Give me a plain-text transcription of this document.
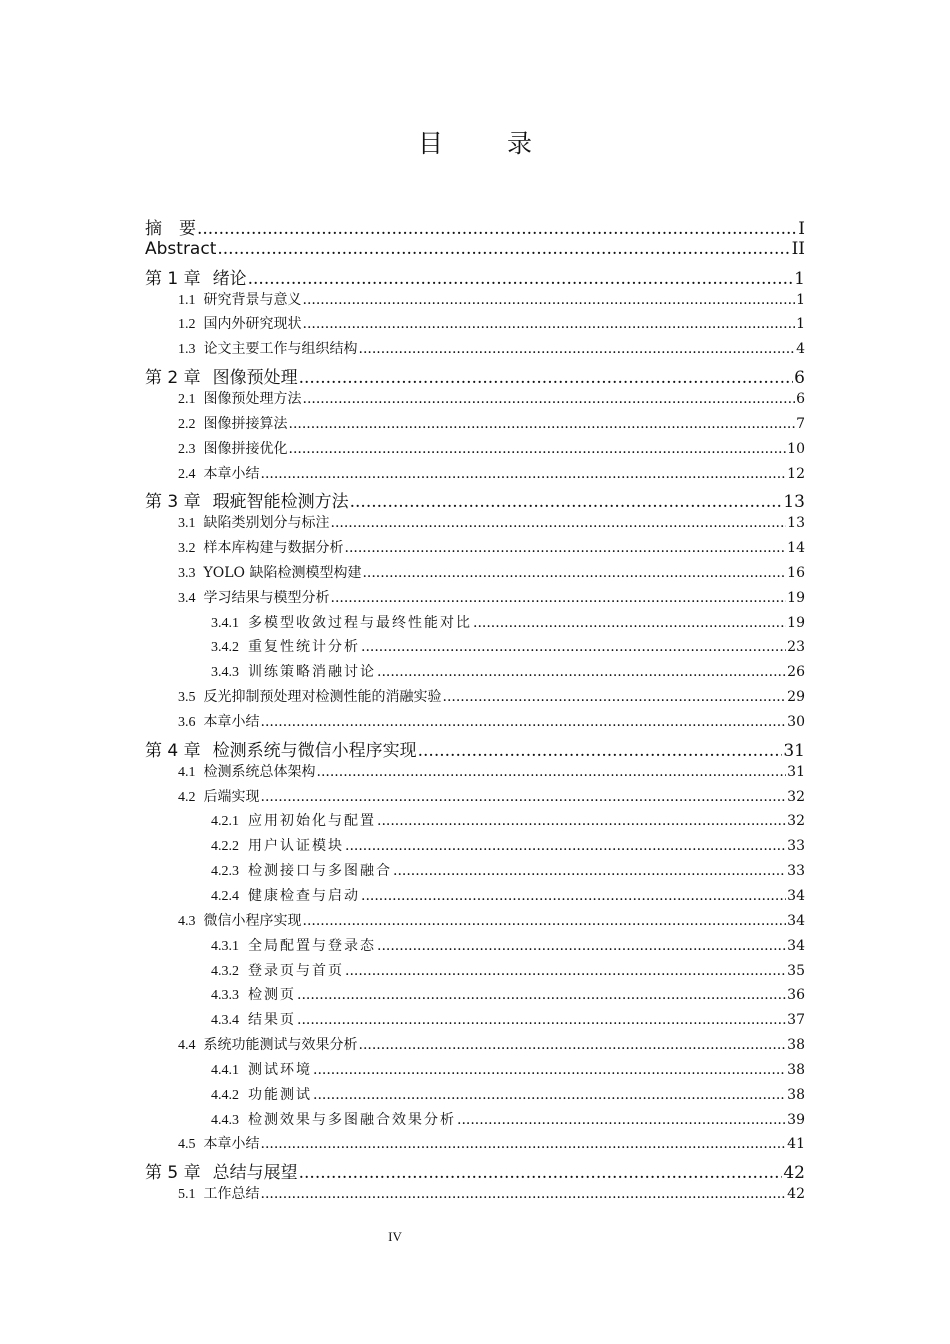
目 录
摘　要 .....	I
Abstract .....	II
第 1 章 绪论 .....	1
1.1 研究背景与意义 .....	1
1.2 国内外研究现状 .....	1
1.3 论文主要工作与组织结构 .....	4
第 2 章 图像预处理 .....	6
2.1 图像预处理方法 .....	6
2.2 图像拼接算法 .....	7
2.3 图像拼接优化 .....	10
2.4 本章小结 .....	12
第 3 章 瑕疵智能检测方法 .....	13
3.1 缺陷类别划分与标注 .....	13
3.2 样本库构建与数据分析 .....	14
3.3 YOLO 缺陷检测模型构建 .....	16
3.4 学习结果与模型分析 .....	19
3.4.1 多模型收敛过程与最终性能对比 .....	19
3.4.2 重复性统计分析 .....	23
3.4.3 训练策略消融讨论 .....	26
3.5 反光抑制预处理对检测性能的消融实验 .....	29
3.6 本章小结 .....	30
第 4 章 检测系统与微信小程序实现 .....	31
4.1 检测系统总体架构 .....	31
4.2 后端实现 .....	32
4.2.1 应用初始化与配置 .....	32
4.2.2 用户认证模块 .....	33
4.2.3 检测接口与多图融合 .....	33
4.2.4 健康检查与启动 .....	34
4.3 微信小程序实现 .....	34
4.3.1 全局配置与登录态 .....	34
4.3.2 登录页与首页 .....	35
4.3.3 检测页 .....	36
4.3.4 结果页 .....	37
4.4 系统功能测试与效果分析 .....	38
4.4.1 测试环境 .....	38
4.4.2 功能测试 .....	38
4.4.3 检测效果与多图融合效果分析 .....	39
4.5 本章小结 .....	41
第 5 章 总结与展望 .....	42
5.1 工作总结 .....	42
IV
